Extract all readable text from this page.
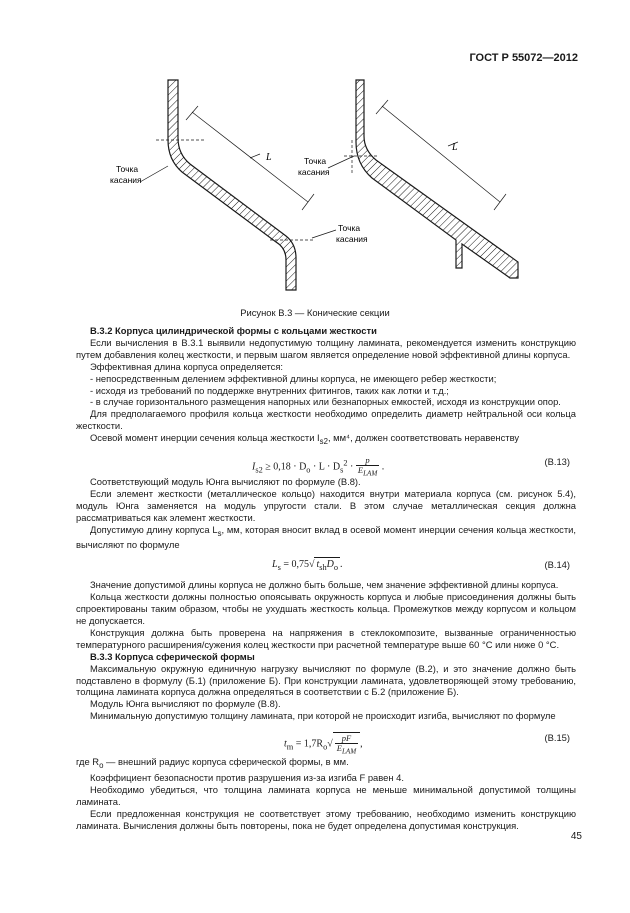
ГОСТ Р 55072—2012
L
Точка
касания
Точка
касания
L
Точка
касания
Рисунок В.3 — Конические секции

В.3.2 Корпуса цилиндрической формы с кольцами жесткости

Если вычисления в В.3.1 выявили недопустимую толщину ламината, рекомендуется изменить конструкцию путем добавления колец жесткости, и первым шагом является определение новой эффективной длины корпуса.

Эффективная длина корпуса определяется:

- непосредственным делением эффективной длины корпуса, не имеющего ребер жесткости;

- исходя из требований по поддержке внутренних фитингов, таких как лотки и т.д.;

- в случае горизонтального размещения напорных или безнапорных емкостей, исходя из конструкции опор.

Для предполагаемого профиля кольца жесткости необходимо определить диаметр нейтральной оси кольца жесткости.

Осевой момент инерции сечения кольца жесткости $I_{s2}$, мм⁴, должен соответствовать неравенству

$I_{s2} \ge 0,18 \cdot D_o \cdot L \cdot D_s^2 \cdot \frac{p}{E_{LAM}}$ .
(В.13)

Соответствующий модуль Юнга вычисляют по формуле (В.8).

Если элемент жесткости (металлическое кольцо) находится внутри материала корпуса (см. рисунок 5.4), модуль Юнга заменяется на модуль упругости стали. В этом случае металлическая секция должна рассматриваться как элемент жесткости.

Допустимую длину корпуса $L_s$, мм, которая вносит вклад в осевой момент инерции сечения кольца жесткости, вычисляют по формуле

$L_s = 0,75√$ $t_{sh}D_o$ .	(В.14)

Значение допустимой длины корпуса не должно быть больше, чем значение эффективной длины корпуса.

Кольца жесткости должны полностью опоясывать окружность корпуса и любые присоединения должны быть спроектированы таким образом, чтобы не ухудшать жесткость кольца. Промежутков между корпусом и кольцом не допускается.

Конструкция должна быть проверена на напряжения в стеклокомпозите, вызванные ограниченностью температурного расширения/сужения колец жесткости при расчетной температуре выше 60 °С или ниже 0 °С.

В.3.3 Корпуса сферической формы

Максимальную окружную единичную нагрузку вычисляют по формуле (В.2), и это значение должно быть подставлено в формулу (Б.1) (приложение Б). При конструкции ламината, удовлетворяющей этому требованию, толщина ламината корпуса должна определяться в соответствии с Б.2 (приложение Б).

Модуль Юнга вычисляют по формуле (В.8).

Минимальную допустимую толщину ламината, при которой не происходит изгиба, вычисляют по формуле

$t_m = 1,7R_o√ \frac{pF}{E_{LAM}}$ ,
(В.15)

где $R_o$ — внешний радиус корпуса сферической формы, в мм.

Коэффициент безопасности против разрушения из-за изгиба F равен 4.

Необходимо убедиться, что толщина ламината корпуса не меньше минимальной допустимой толщины ламината.

Если предложенная конструкция не соответствует этому требованию, необходимо изменить конструкцию ламината. Вычисления должны быть повторены, пока не будет определена допустимая конструкция.

45
